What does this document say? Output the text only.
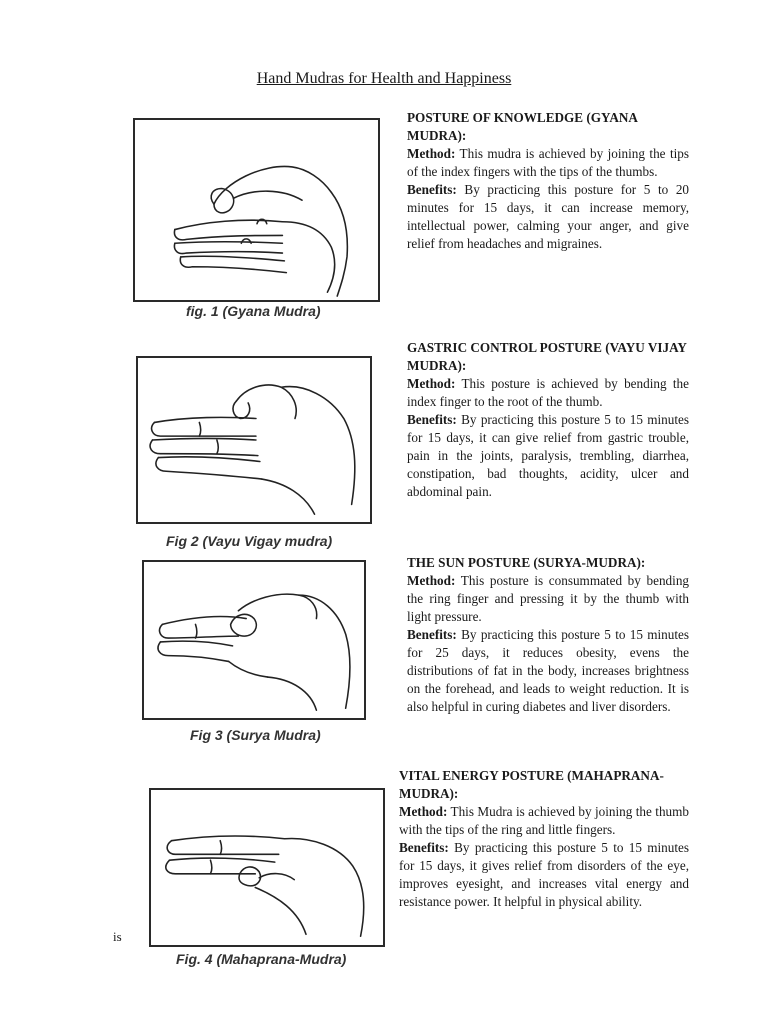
Hand Mudras for Health and Happiness
fig. 1 (Gyana Mudra)
Fig 2 (Vayu Vigay mudra)
Fig 3 (Surya Mudra)
Fig. 4 (Mahaprana-Mudra)
is

POSTURE OF KNOWLEDGE (GYANA MUDRA):

Method: This mudra is achieved by joining the tips of the index fingers with the tips of the thumbs.

Benefits: By practicing this posture for 5 to 20 minutes for 15 days, it can increase memory, intellectual power, calming your anger, and give relief from headaches and migraines.

GASTRIC CONTROL POSTURE (VAYU VIJAY MUDRA):

Method: This posture is achieved by bending the index finger to the root of the thumb.

Benefits: By practicing this posture 5 to 15 minutes for 15 days, it can give relief from gastric trouble, pain in the joints, paralysis, trembling, diarrhea, constipation, bad thoughts, acidity, ulcer and abdominal pain.

THE SUN POSTURE (SURYA-MUDRA):

Method: This posture is consummated by bending the ring finger and pressing it by the thumb with light pressure.

Benefits: By practicing this posture 5 to 15 minutes for 25 days, it reduces obesity, evens the distributions of fat in the body, increases brightness on the forehead, and leads to weight reduction. It is also helpful in curing diabetes and liver disorders.

VITAL ENERGY POSTURE (MAHAPRANA-MUDRA):

Method: This Mudra is achieved by joining the thumb with the tips of the ring and little fingers.

Benefits: By practicing this posture 5 to 15 minutes for 15 days, it gives relief from disorders of the eye, improves eyesight, and increases vital energy and resistance power. It helpful in physical ability.
